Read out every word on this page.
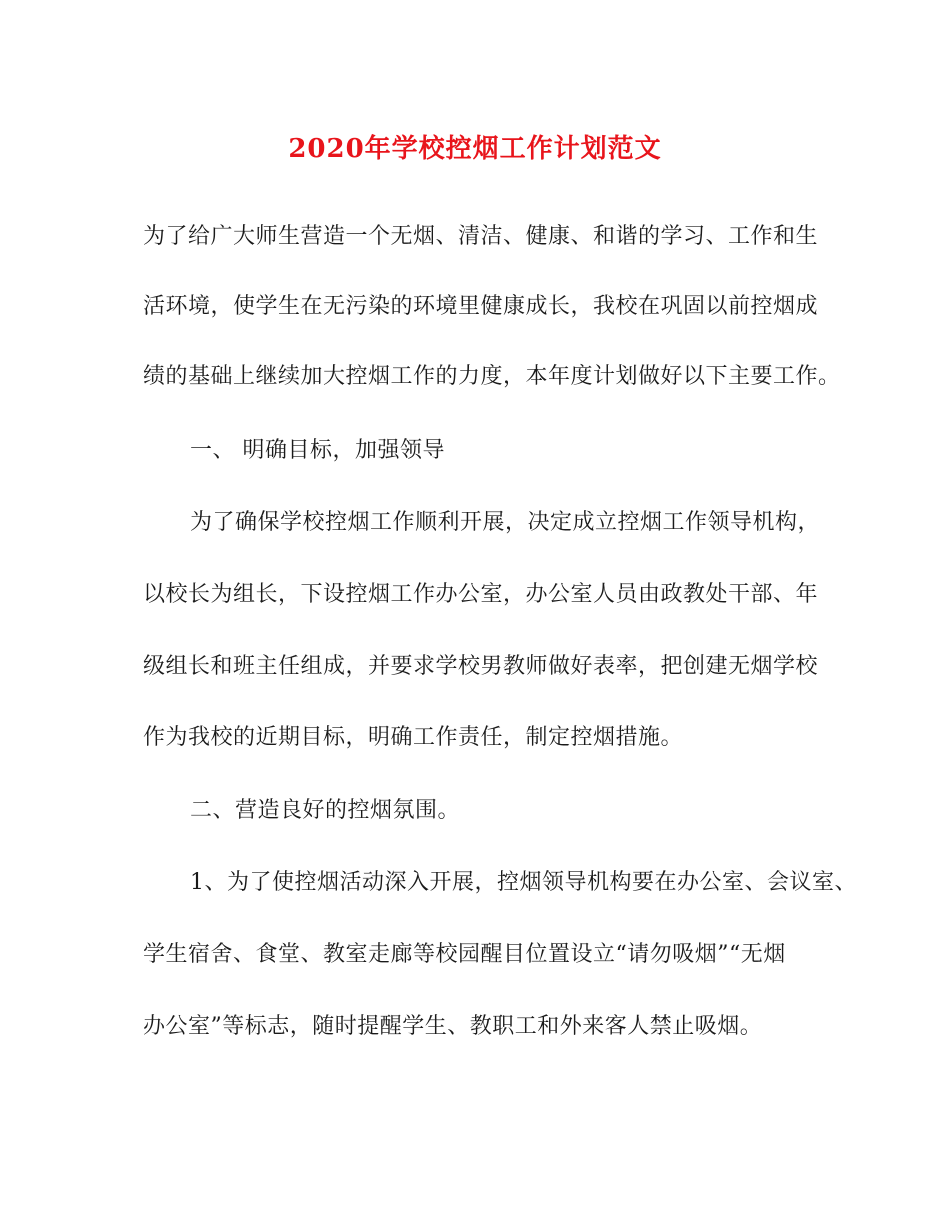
2020年学校控烟工作计划范文
为了给广大师生营造一个无烟、清洁、健康、和谐的学习、工作和生
活环境，使学生在无污染的环境里健康成长，我校在巩固以前控烟成
绩的基础上继续加大控烟工作的力度，本年度计划做好以下主要工作。
一、 明确目标，加强领导
为了确保学校控烟工作顺利开展，决定成立控烟工作领导机构，
以校长为组长，下设控烟工作办公室，办公室人员由政教处干部、年
级组长和班主任组成，并要求学校男教师做好表率，把创建无烟学校
作为我校的近期目标，明确工作责任，制定控烟措施。
二、营造良好的控烟氛围。
1、为了使控烟活动深入开展，控烟领导机构要在办公室、会议室、
学生宿舍、食堂、教室走廊等校园醒目位置设立“请勿吸烟”“无烟
办公室”等标志，随时提醒学生、教职工和外来客人禁止吸烟。
